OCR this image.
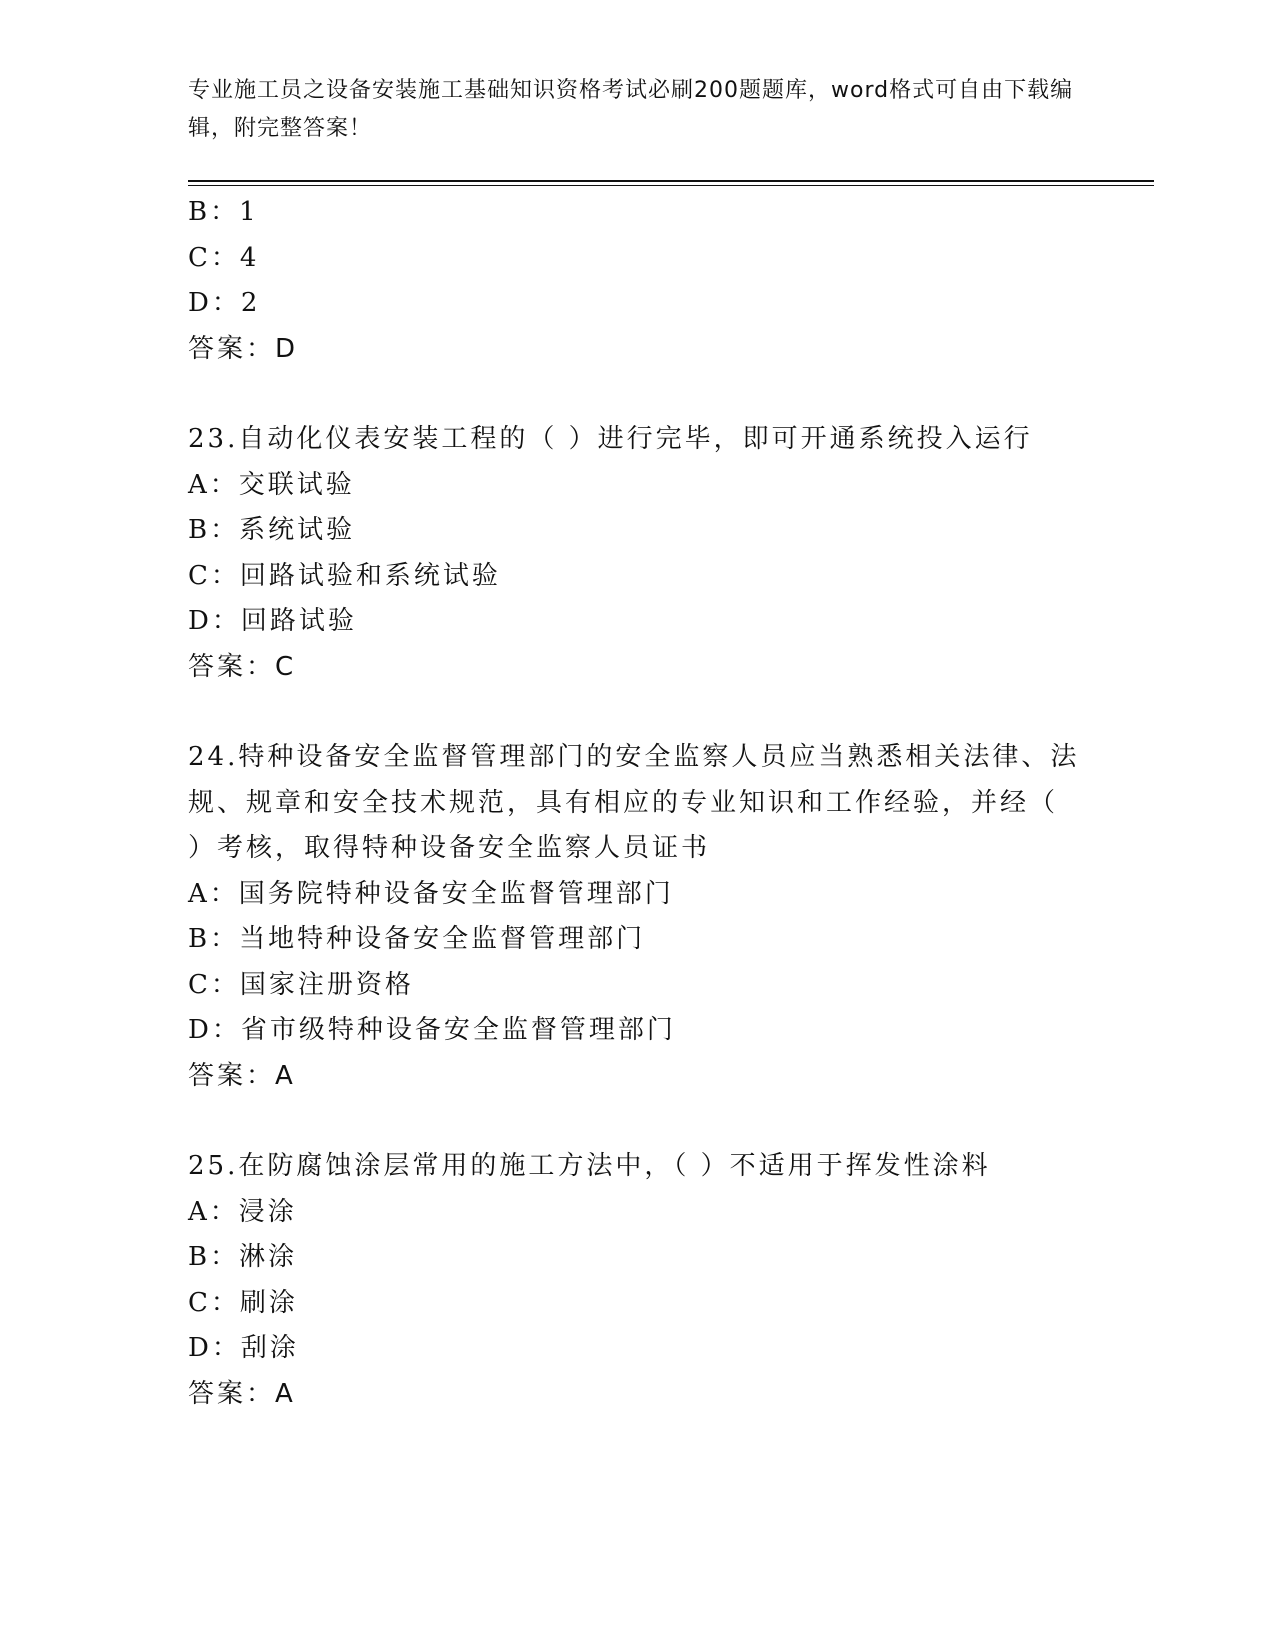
专业施工员之设备安装施工基础知识资格考试必刷200题题库，word格式可自由下载编辑，附完整答案！
B：1
C：4
D：2
答案：D
23.自动化仪表安装工程的（ ）进行完毕，即可开通系统投入运行
A：交联试验
B：系统试验
C：回路试验和系统试验
D：回路试验
答案：C
24.特种设备安全监督管理部门的安全监察人员应当熟悉相关法律、法
规、规章和安全技术规范，具有相应的专业知识和工作经验，并经（
）考核，取得特种设备安全监察人员证书
A：国务院特种设备安全监督管理部门
B：当地特种设备安全监督管理部门
C：国家注册资格
D：省市级特种设备安全监督管理部门
答案：A
25.在防腐蚀涂层常用的施工方法中，（ ）不适用于挥发性涂料
A：浸涂
B：淋涂
C：刷涂
D：刮涂
答案：A
